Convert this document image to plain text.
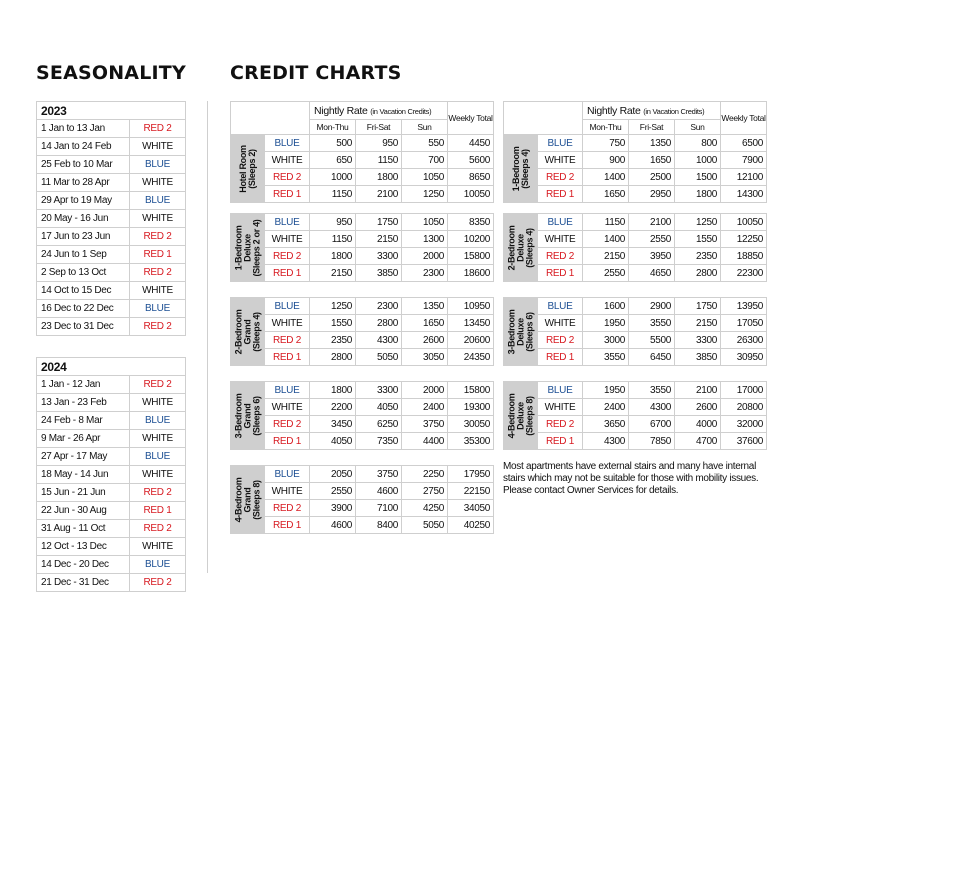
SEASONALITY CREDIT CHARTS
2023	
1 Jan to 13 Jan	RED 2
14 Jan to 24 Feb	WHITE
25 Feb to 10 Mar	BLUE
11 Mar to 28 Apr	WHITE
29 Apr to 19 May	BLUE
20 May - 16 Jun	WHITE
17 Jun to 23 Jun	RED 2
24 Jun to 1 Sep	RED 1
2 Sep to 13 Oct	RED 2
14 Oct to 15 Dec	WHITE
16 Dec to 22 Dec	BLUE
23 Dec to 31 Dec	RED 2
2024	
1 Jan - 12 Jan	RED 2
13 Jan - 23 Feb	WHITE
24 Feb - 8 Mar	BLUE
9 Mar - 26 Apr	WHITE
27 Apr - 17 May	BLUE
18 May - 14 Jun	WHITE
15 Jun - 21 Jun	RED 2
22 Jun - 30 Aug	RED 1
31 Aug - 11 Oct	RED 2
12 Oct - 13 Dec	WHITE
14 Dec - 20 Dec	BLUE
21 Dec - 31 Dec	RED 2
		Nightly Rate (in Vacation Credits)			Weekly Total
		Mon-Thu	Fri-Sat	Sun	

Hotel Room (Sleeps 2)	BLUE	500	950	550	4450
	WHITE	650	1150	700	5600
	RED 2	1000	1800	1050	8650
	RED 1	1150	2100	1250	10050
		Nightly Rate (in Vacation Credits)			Weekly Total
		Mon-Thu	Fri-Sat	Sun	

1-Bedroom (Sleeps 4)	BLUE	750	1350	800	6500
	WHITE	900	1650	1000	7900
	RED 2	1400	2500	1500	12100
	RED 1	1650	2950	1800	14300
1-Bedroom Deluxe (Sleeps 2 or 4)	BLUE	950	1750	1050	8350
	WHITE	1150	2150	1300	10200
	RED 2	1800	3300	2000	15800
	RED 1	2150	3850	2300	18600
2-Bedroom Deluxe (Sleeps 4)	BLUE	1150	2100	1250	10050
	WHITE	1400	2550	1550	12250
	RED 2	2150	3950	2350	18850
	RED 1	2550	4650	2800	22300
2-Bedroom Grand (Sleeps 4)	BLUE	1250	2300	1350	10950
	WHITE	1550	2800	1650	13450
	RED 2	2350	4300	2600	20600
	RED 1	2800	5050	3050	24350
3-Bedroom Deluxe (Sleeps 6)	BLUE	1600	2900	1750	13950
	WHITE	1950	3550	2150	17050
	RED 2	3000	5500	3300	26300
	RED 1	3550	6450	3850	30950
3-Bedroom Grand (Sleeps 6)	BLUE	1800	3300	2000	15800
	WHITE	2200	4050	2400	19300
	RED 2	3450	6250	3750	30050
	RED 1	4050	7350	4400	35300
4-Bedroom Deluxe (Sleeps 8)	BLUE	1950	3550	2100	17000
	WHITE	2400	4300	2600	20800
	RED 2	3650	6700	4000	32000
	RED 1	4300	7850	4700	37600
4-Bedroom Grand (Sleeps 8)	BLUE	2050	3750	2250	17950
	WHITE	2550	4600	2750	22150
	RED 2	3900	7100	4250	34050
	RED 1	4600	8400	5050	40250
Most apartments have external stairs and many have internal stairs which may not be suitable for those with mobility issues. Please contact Owner Services for details.
